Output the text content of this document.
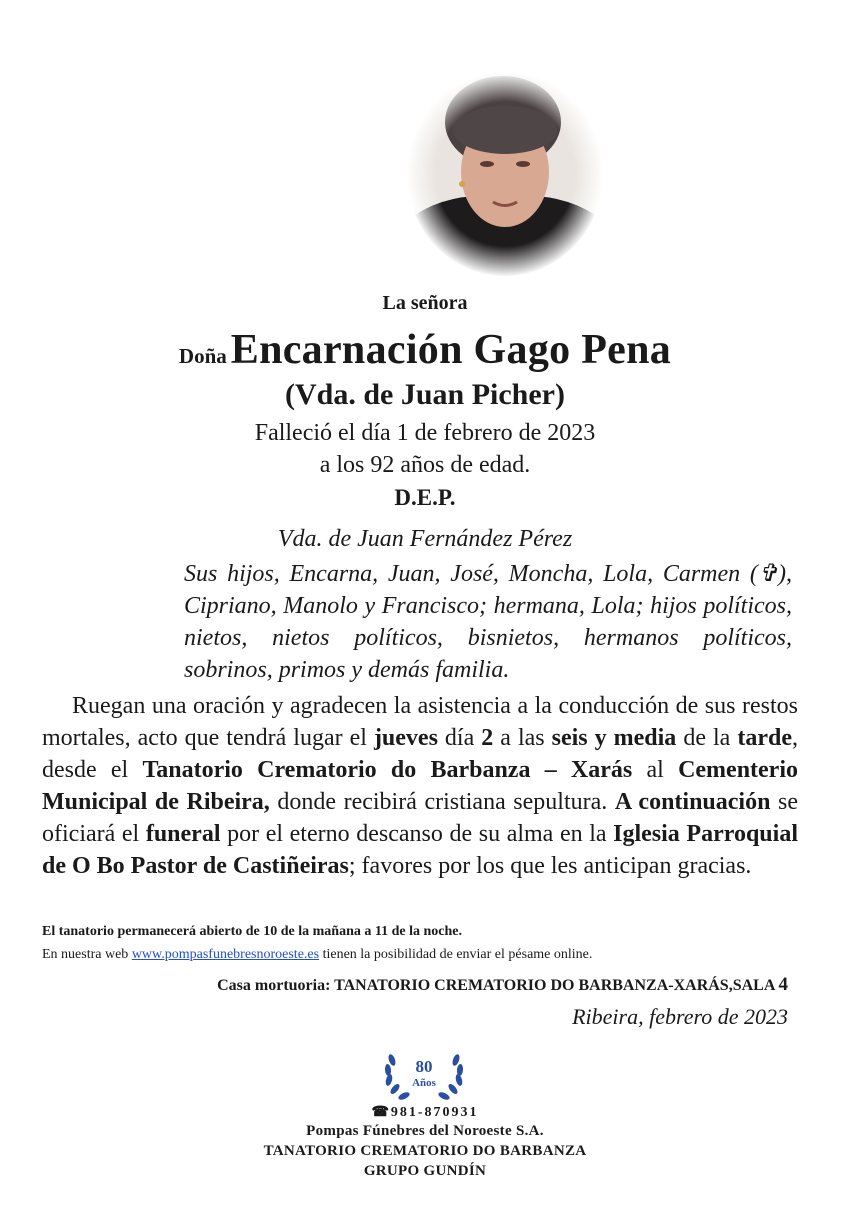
La señora
Doña Encarnación Gago Pena
(Vda. de Juan Picher)
Falleció el día 1 de febrero de 2023
a los 92 años de edad.
D.E.P.
Vda. de Juan Fernández Pérez
Sus hijos, Encarna, Juan, José, Moncha, Lola, Carmen (✞), Cipriano, Manolo y Francisco; hermana, Lola; hijos políticos, nietos, nietos políticos, bisnietos, hermanos políticos, sobrinos, primos y demás familia.
Ruegan una oración y agradecen la asistencia a la conducción de sus restos mortales, acto que tendrá lugar el jueves día 2 a las seis y media de la tarde, desde el Tanatorio Crematorio do Barbanza – Xarás al Cementerio Municipal de Ribeira, donde recibirá cristiana sepultura. A continuación se oficiará el funeral por el eterno descanso de su alma en la Iglesia Parroquial de O Bo Pastor de Castiñeiras; favores por los que les anticipan gracias.
El tanatorio permanecerá abierto de 10 de la mañana a 11 de la noche.
En nuestra web www.pompasfunebresnoroeste.es tienen la posibilidad de enviar el pésame online.
Casa mortuoria: TANATORIO CREMATORIO DO BARBANZA-XARÁS,SALA 4
Ribeira, febrero de 2023
80
Años
☎981-870931
Pompas Fúnebres del Noroeste S.A.
TANATORIO CREMATORIO DO BARBANZA
GRUPO GUNDÍN
